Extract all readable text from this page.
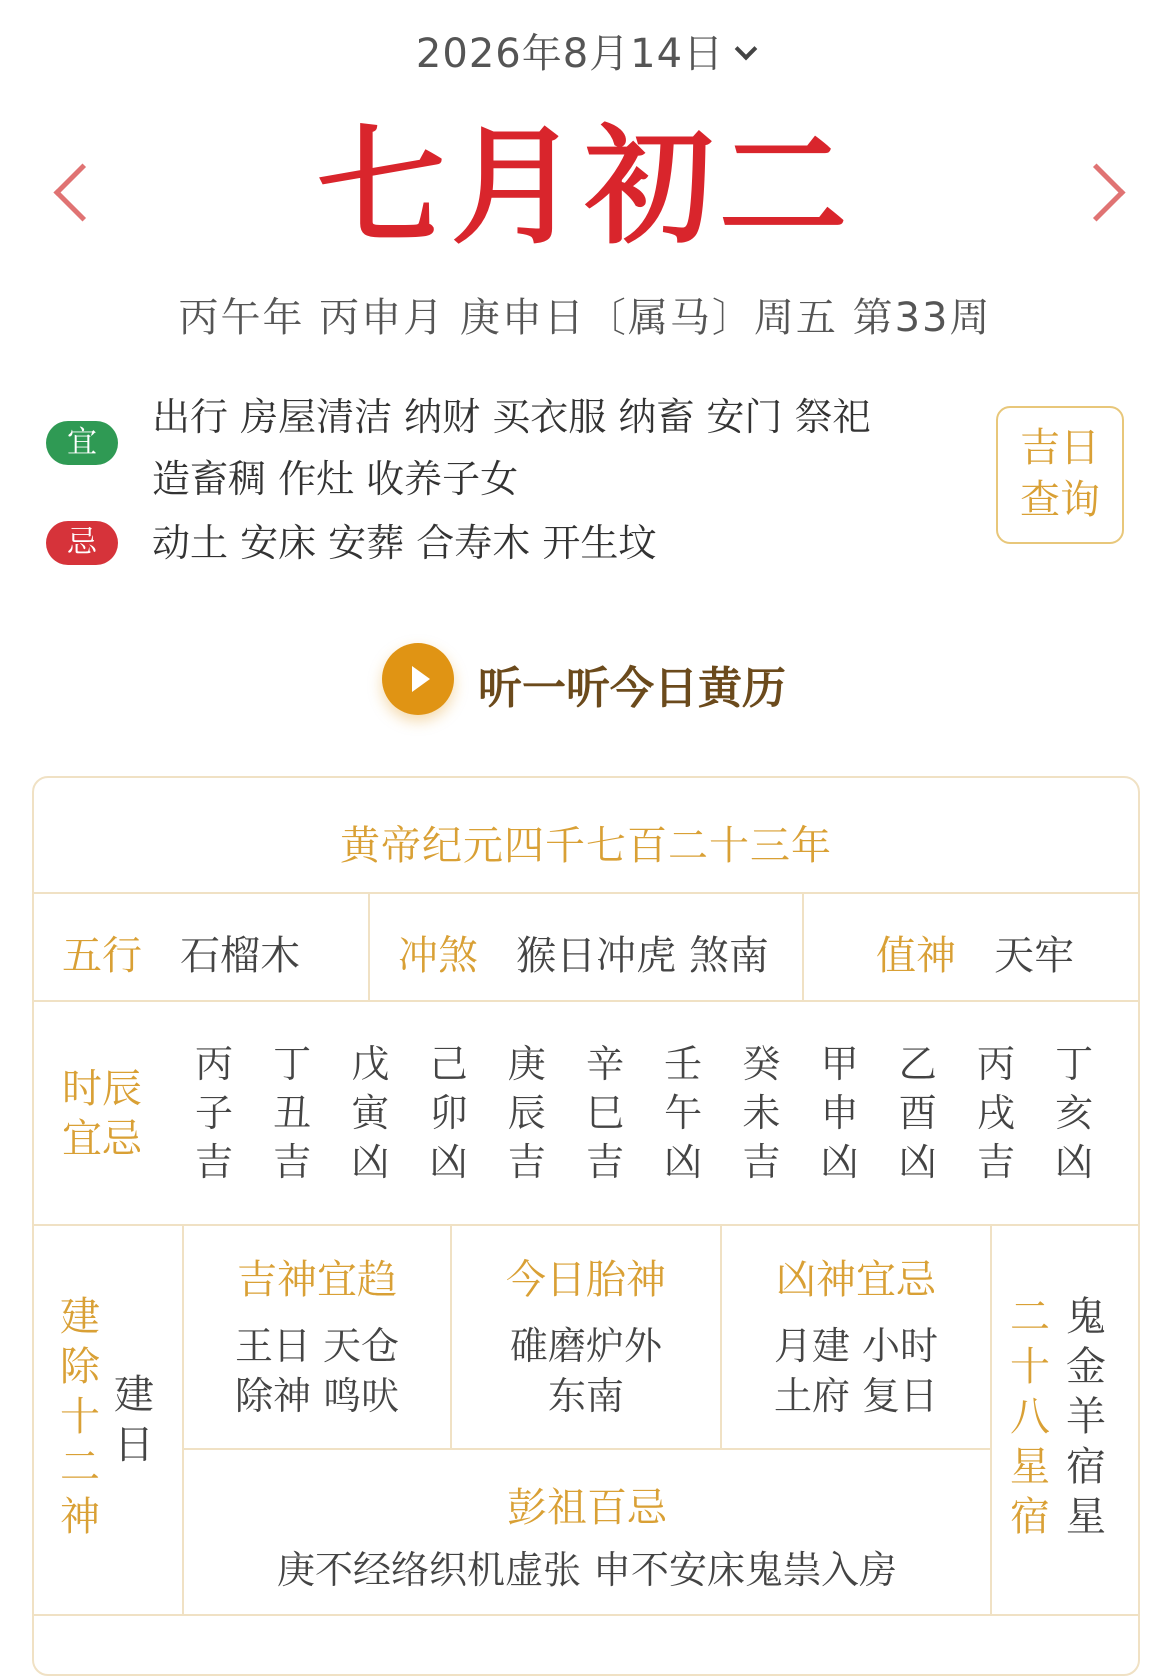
2026年8月14日
七月初二
丙午年 丙申月 庚申日〔属马〕周五 第33周
宜
出行 房屋清洁 纳财 买衣服 纳畜 安门 祭祀
造畜稠 作灶 收养子女
忌	动土 安床 安葬 合寿木 开生坟
吉日
查询
听一听今日黄历
黄帝纪元四千七百二十三年
五行 石榴木 冲煞 猴日冲虎 煞南	值神 天牢
时辰
宜忌
丙
子
吉
丁
丑
吉
戊
寅
凶
己
卯
凶
庚
辰
吉
辛
巳
吉
壬
午
凶
癸
未
吉
甲
申
凶
乙
酉
凶
丙
戌
吉
丁
亥
凶
建
除
十
二
神
建
日
吉神宜趋
王日 天仓
除神 鸣吠
今日胎神
碓磨炉外
东南
凶神宜忌
月建 小时
土府 复日
彭祖百忌
庚不经络织机虚张 申不安床鬼祟入房
二
十
八
星
宿
鬼
金
羊
宿
星
